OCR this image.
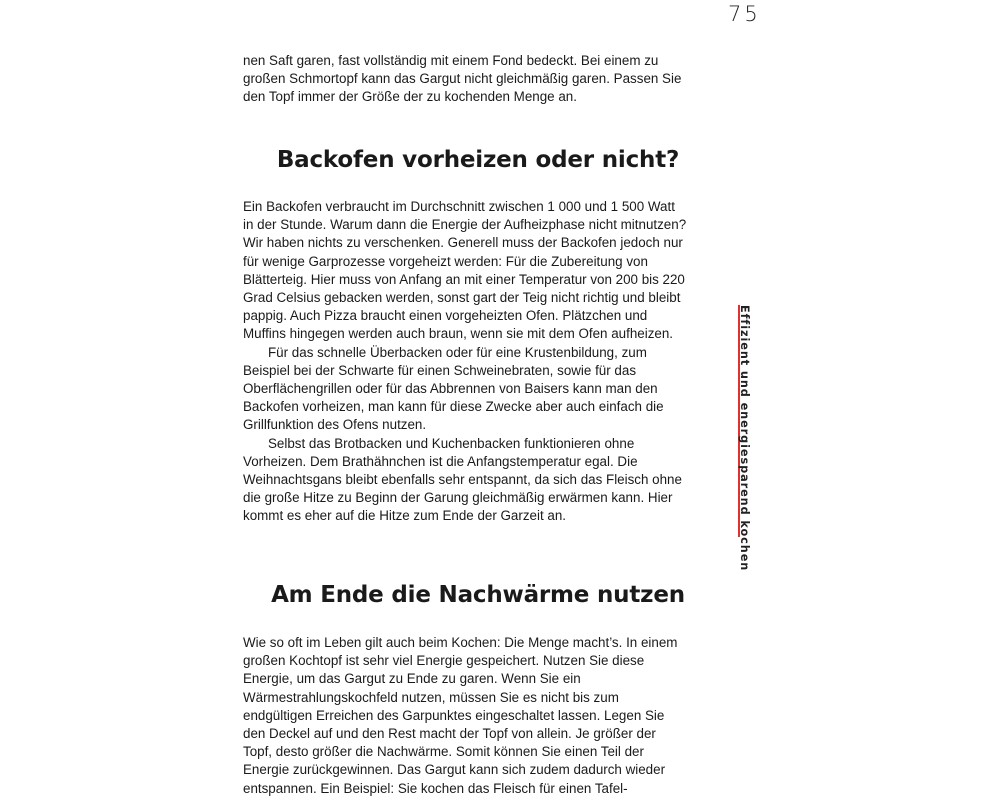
75

nen Saft garen, fast vollständig mit einem Fond bedeckt. Bei einem zu großen Schmortopf kann das Gargut nicht gleichmäßig garen. Passen Sie den Topf immer der Größe der zu kochenden Menge an.

Backofen vorheizen oder nicht?

Ein Backofen verbraucht im Durchschnitt zwischen 1 000 und 1 500 Watt in der Stunde. Warum dann die Energie der Aufheizphase nicht mitnutzen? Wir haben nichts zu verschenken. Generell muss der Backofen jedoch nur für wenige Garprozesse vorgeheizt werden: Für die Zubereitung von Blätterteig. Hier muss von Anfang an mit einer Temperatur von 200 bis 220 Grad Celsius gebacken werden, sonst gart der Teig nicht richtig und bleibt pappig. Auch Pizza braucht einen vorgeheizten Ofen. Plätzchen und Muffins hingegen werden auch braun, wenn sie mit dem Ofen aufheizen.

Für das schnelle Überbacken oder für eine Krustenbildung, zum Beispiel bei der Schwarte für einen Schweinebraten, sowie für das Oberflächengrillen oder für das Abbrennen von Baisers kann man den Backofen vorheizen, man kann für diese Zwecke aber auch einfach die Grillfunktion des Ofens nutzen.

Selbst das Brotbacken und Kuchenbacken funktionieren ohne Vorheizen. Dem Brathähnchen ist die Anfangstemperatur egal. Die Weihnachtsgans bleibt ebenfalls sehr entspannt, da sich das Fleisch ohne die große Hitze zu Beginn der Garung gleichmäßig erwärmen kann. Hier kommt es eher auf die Hitze zum Ende der Garzeit an.

Am Ende die Nachwärme nutzen

Wie so oft im Leben gilt auch beim Kochen: Die Menge macht’s. In einem großen Kochtopf ist sehr viel Energie gespeichert. Nutzen Sie diese Energie, um das Gargut zu Ende zu garen. Wenn Sie ein Wärmestrahlungskochfeld nutzen, müssen Sie es nicht bis zum endgültigen Erreichen des Garpunktes eingeschaltet lassen. Legen Sie den Deckel auf und den Rest macht der Topf von allein. Je größer der Topf, desto größer die Nachwärme. Somit können Sie einen Teil der Energie zurückgewinnen. Das Gargut kann sich zudem dadurch wieder entspannen. Ein Beispiel: Sie kochen das Fleisch für einen Tafel-

Effizient und energiesparend kochen
